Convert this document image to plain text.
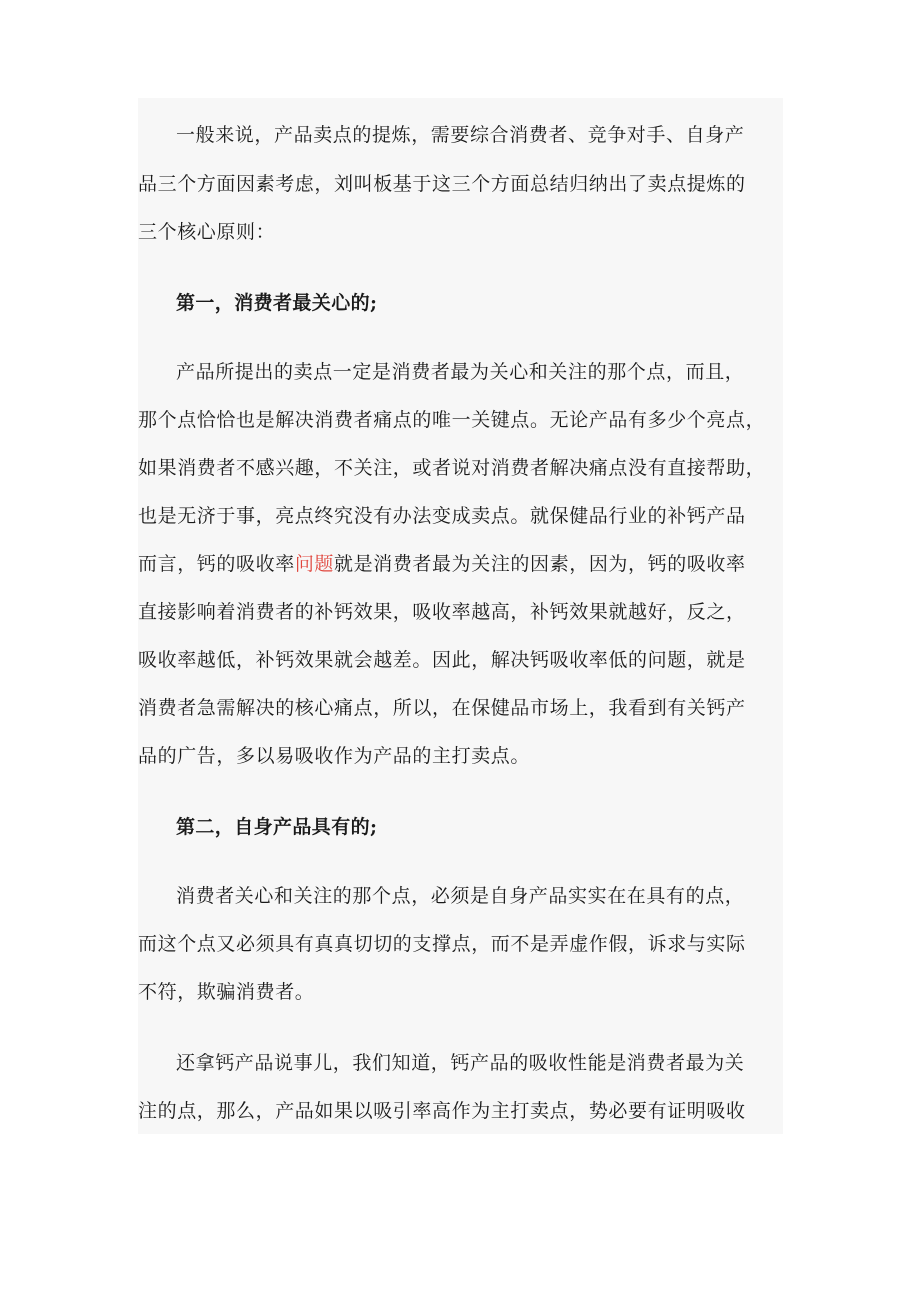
一般来说，产品卖点的提炼，需要综合消费者、竞争对手、自身产
品三个方面因素考虑，刘叫板基于这三个方面总结归纳出了卖点提炼的
三个核心原则：
第一，消费者最关心的;
产品所提出的卖点一定是消费者最为关心和关注的那个点，而且，
那个点恰恰也是解决消费者痛点的唯一关键点。无论产品有多少个亮点，
如果消费者不感兴趣，不关注，或者说对消费者解决痛点没有直接帮助，
也是无济于事，亮点终究没有办法变成卖点。就保健品行业的补钙产品
而言，钙的吸收率问题就是消费者最为关注的因素，因为，钙的吸收率
直接影响着消费者的补钙效果，吸收率越高，补钙效果就越好，反之，
吸收率越低，补钙效果就会越差。因此，解决钙吸收率低的问题，就是
消费者急需解决的核心痛点，所以，在保健品市场上，我看到有关钙产
品的广告，多以易吸收作为产品的主打卖点。
第二，自身产品具有的;
消费者关心和关注的那个点，必须是自身产品实实在在具有的点，
而这个点又必须具有真真切切的支撑点，而不是弄虚作假，诉求与实际
不符，欺骗消费者。
还拿钙产品说事儿，我们知道，钙产品的吸收性能是消费者最为关
注的点，那么，产品如果以吸引率高作为主打卖点，势必要有证明吸收
